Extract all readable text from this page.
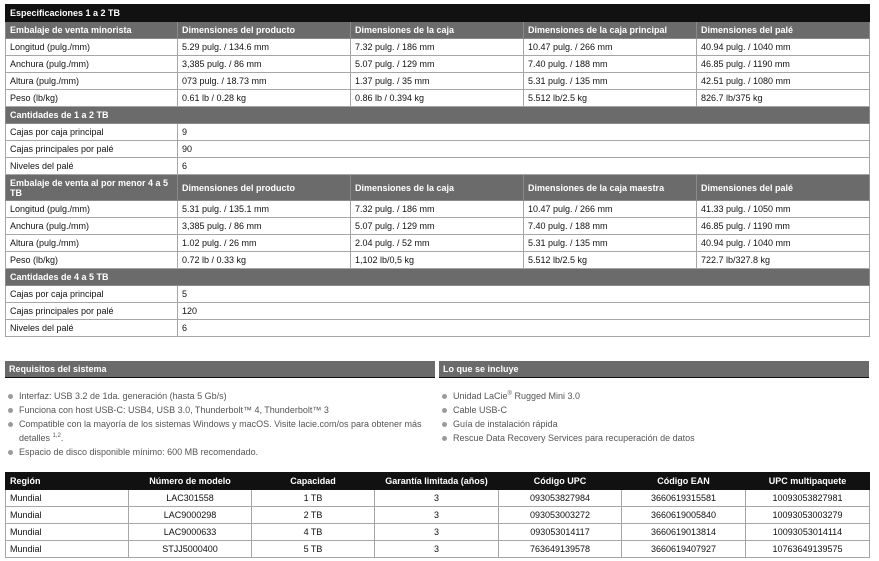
Especificaciones 1 a 2 TB				
Embalaje de venta minorista	Dimensiones del producto	Dimensiones de la caja	Dimensiones de la caja principal	Dimensiones del palé
Longitud (pulg./mm)	5.29 pulg. / 134.6 mm	7.32 pulg. / 186 mm	10.47 pulg. / 266 mm	40.94 pulg. / 1040 mm
Anchura (pulg./mm)	3,385 pulg. / 86 mm	5.07 pulg. / 129 mm	7.40 pulg. / 188 mm	46.85 pulg. / 1190 mm
Altura (pulg./mm)	073 pulg. / 18.73 mm	1.37 pulg. / 35 mm	5.31 pulg. / 135 mm	42.51 pulg. / 1080 mm
Peso (lb/kg)	0.61 lb / 0.28 kg	0.86 lb / 0.394 kg	5.512 lb/2.5 kg	826.7 lb/375 kg
Cantidades de 1 a 2 TB				
Cajas por caja principal	9			
Cajas principales por palé	90			
Niveles del palé	6			
Embalaje de venta al por menor 4 a 5 TB	Dimensiones del producto	Dimensiones de la caja	Dimensiones de la caja maestra	Dimensiones del palé
Longitud (pulg./mm)	5.31 pulg. / 135.1 mm	7.32 pulg. / 186 mm	10.47 pulg. / 266 mm	41.33 pulg. / 1050 mm
Anchura (pulg./mm)	3,385 pulg. / 86 mm	5.07 pulg. / 129 mm	7.40 pulg. / 188 mm	46.85 pulg. / 1190 mm
Altura (pulg./mm)	1.02 pulg. / 26 mm	2.04 pulg. / 52 mm	5.31 pulg. / 135 mm	40.94 pulg. / 1040 mm
Peso (lb/kg)	0.72 lb / 0.33 kg	1,102 lb/0,5 kg	5.512 lb/2.5 kg	722.7 lb/327.8 kg
Cantidades de 4 a 5 TB				
Cajas por caja principal	5			
Cajas principales por palé	120			
Niveles del palé	6			
Requisitos del sistema	Lo que se incluye
Interfaz: USB 3.2 de 1da. generación (hasta 5 Gb/s)
Funciona con host USB-C: USB4, USB 3.0, Thunderbolt™ 4, Thunderbolt™ 3
Compatible con la mayoría de los sistemas Windows y macOS. Visite lacie.com/os para obtener más detalles $^{1,2}$.
Espacio de disco disponible mínimo: 600 MB recomendado.
Unidad LaCie® Rugged Mini 3.0
Cable USB-C
Guía de instalación rápida
Rescue Data Recovery Services para recuperación de datos
Región	Número de modelo	Capacidad	Garantía limitada (años)	Código UPC	Código EAN	UPC multipaquete
Mundial	LAC301558	1 TB	3	093053827984	3660619315581	10093053827981
Mundial	LAC9000298	2 TB	3	093053003272	3660619005840	10093053003279
Mundial	LAC9000633	4 TB	3	093053014117	3660619013814	10093053014114
Mundial	STJJ5000400	5 TB	3	763649139578	3660619407927	10763649139575
